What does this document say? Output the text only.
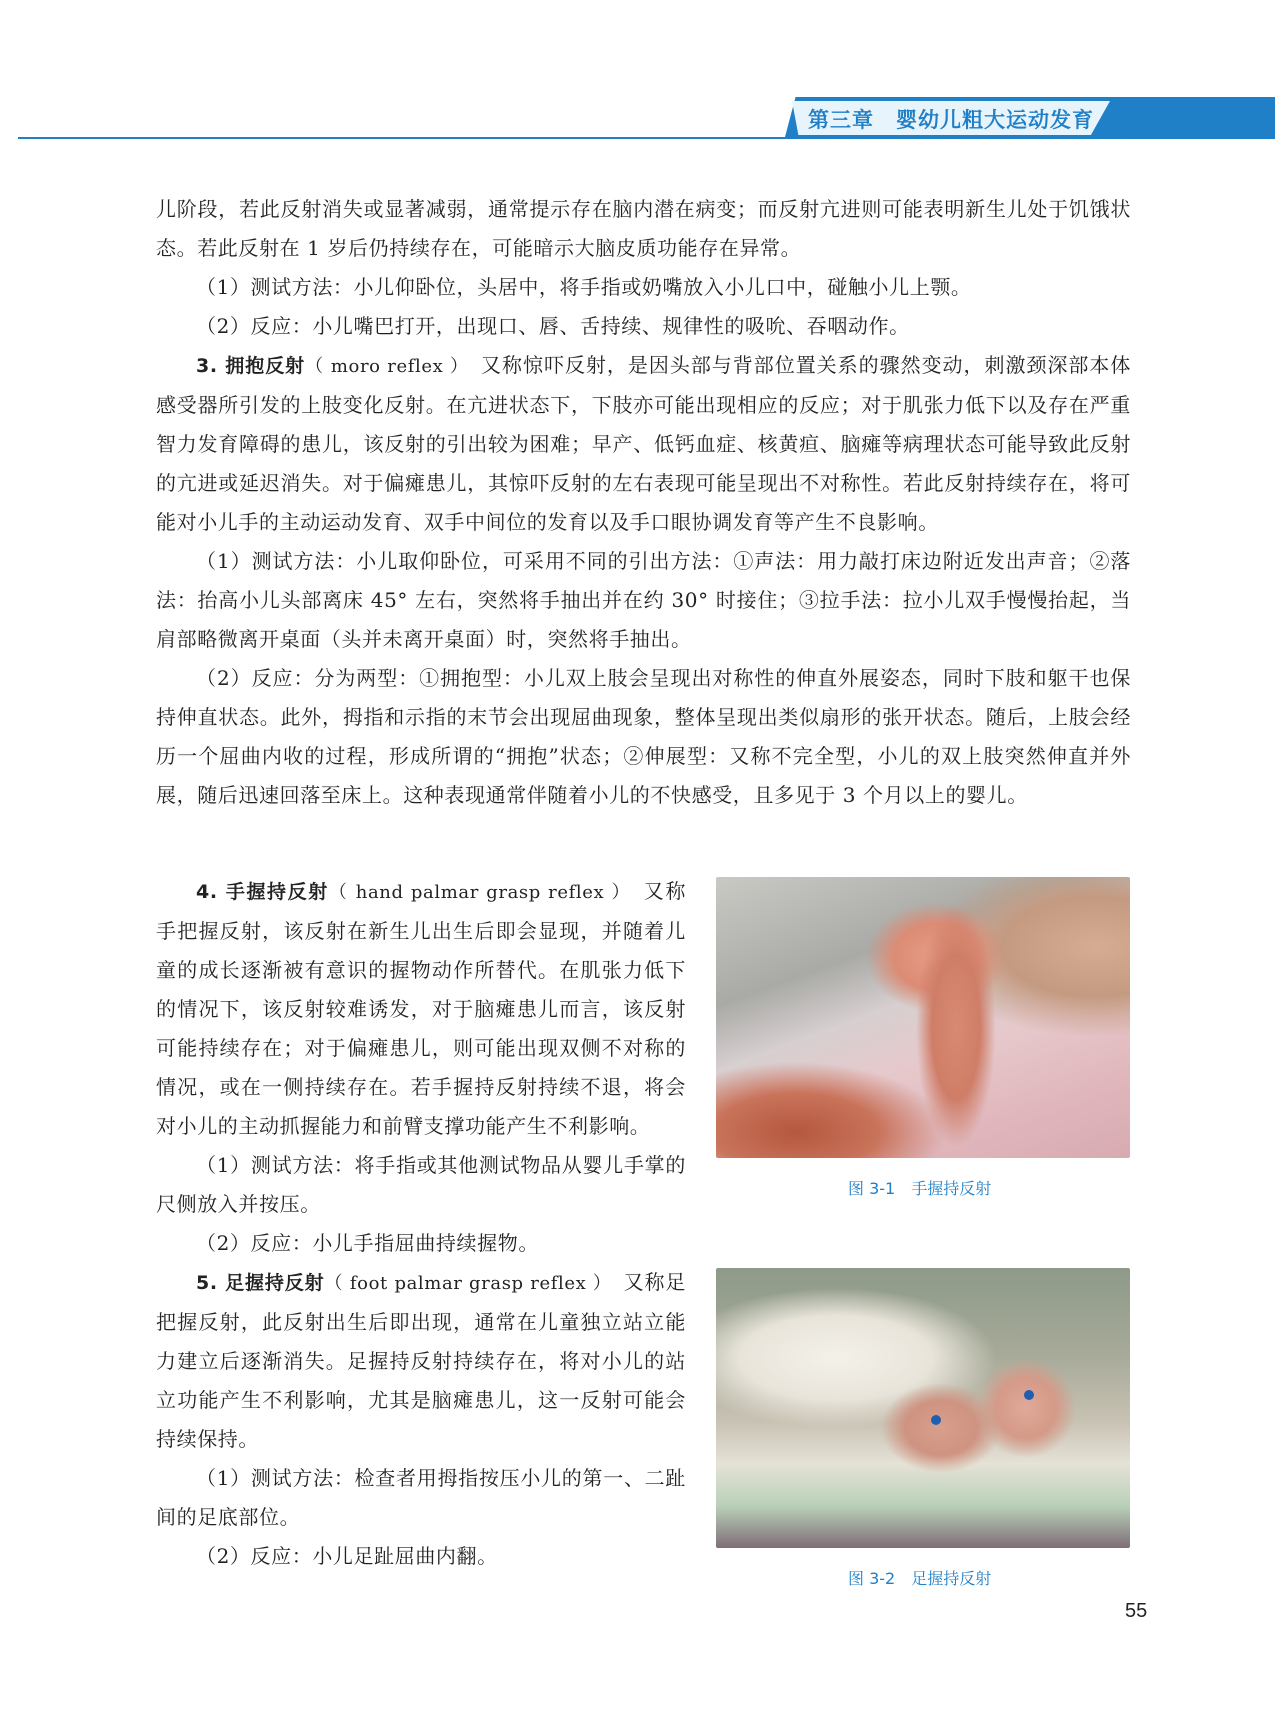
第三章　婴幼儿粗大运动发育

儿阶段，若此反射消失或显著减弱，通常提示存在脑内潜在病变；而反射亢进则可能表明新生儿处于饥饿状态。若此反射在 1 岁后仍持续存在，可能暗示大脑皮质功能存在异常。

（1）测试方法：小儿仰卧位，头居中，将手指或奶嘴放入小儿口中，碰触小儿上颚。

（2）反应：小儿嘴巴打开，出现口、唇、舌持续、规律性的吸吮、吞咽动作。

3. 拥抱反射（ moro reflex ）　又称惊吓反射，是因头部与背部位置关系的骤然变动，刺激颈深部本体感受器所引发的上肢变化反射。在亢进状态下，下肢亦可能出现相应的反应；对于肌张力低下以及存在严重智力发育障碍的患儿，该反射的引出较为困难；早产、低钙血症、核黄疸、脑瘫等病理状态可能导致此反射的亢进或延迟消失。对于偏瘫患儿，其惊吓反射的左右表现可能呈现出不对称性。若此反射持续存在，将可能对小儿手的主动运动发育、双手中间位的发育以及手口眼协调发育等产生不良影响。

（1）测试方法：小儿取仰卧位，可采用不同的引出方法：①声法：用力敲打床边附近发出声音；②落法：抬高小儿头部离床 45° 左右，突然将手抽出并在约 30° 时接住；③拉手法：拉小儿双手慢慢抬起，当肩部略微离开桌面（头并未离开桌面）时，突然将手抽出。

（2）反应：分为两型：①拥抱型：小儿双上肢会呈现出对称性的伸直外展姿态，同时下肢和躯干也保持伸直状态。此外，拇指和示指的末节会出现屈曲现象，整体呈现出类似扇形的张开状态。随后，上肢会经历一个屈曲内收的过程，形成所谓的“拥抱”状态；②伸展型：又称不完全型，小儿的双上肢突然伸直并外展，随后迅速回落至床上。这种表现通常伴随着小儿的不快感受，且多见于 3 个月以上的婴儿。

4. 手握持反射（ hand palmar grasp reflex ）　又称手把握反射，该反射在新生儿出生后即会显现，并随着儿童的成长逐渐被有意识的握物动作所替代。在肌张力低下的情况下，该反射较难诱发，对于脑瘫患儿而言，该反射可能持续存在；对于偏瘫患儿，则可能出现双侧不对称的情况，或在一侧持续存在。若手握持反射持续不退，将会对小儿的主动抓握能力和前臂支撑功能产生不利影响。

（1）测试方法：将手指或其他测试物品从婴儿手掌的尺侧放入并按压。

（2）反应：小儿手指屈曲持续握物。

5. 足握持反射（ foot palmar grasp reflex ）　又称足把握反射，此反射出生后即出现，通常在儿童独立站立能力建立后逐渐消失。足握持反射持续存在，将对小儿的站立功能产生不利影响，尤其是脑瘫患儿，这一反射可能会持续保持。

（1）测试方法：检查者用拇指按压小儿的第一、二趾间的足底部位。

（2）反应：小儿足趾屈曲内翻。

图 3-1　手握持反射
图 3-2　足握持反射
55
